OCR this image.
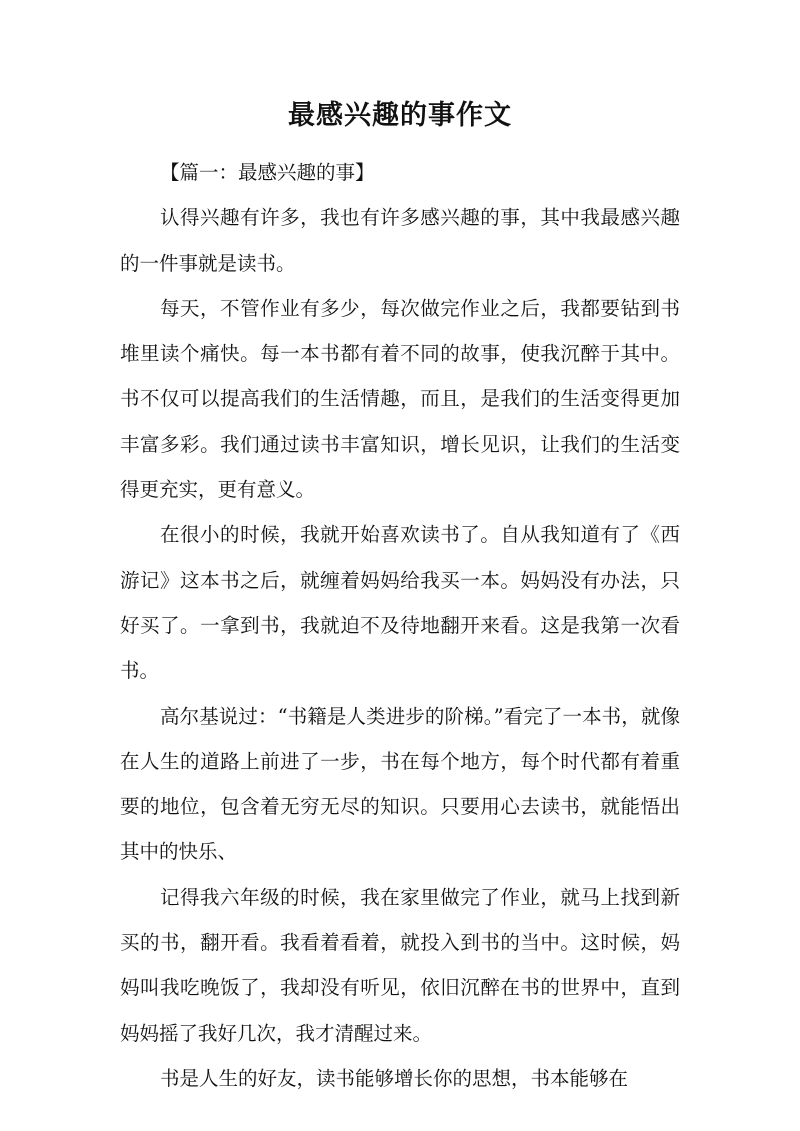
最感兴趣的事作文

【篇一：最感兴趣的事】

认得兴趣有许多，我也有许多感兴趣的事，其中我最感兴趣的一件事就是读书。

每天，不管作业有多少，每次做完作业之后，我都要钻到书堆里读个痛快。每一本书都有着不同的故事，使我沉醉于其中。书不仅可以提高我们的生活情趣，而且，是我们的生活变得更加丰富多彩。我们通过读书丰富知识，增长见识，让我们的生活变得更充实，更有意义。

在很小的时候，我就开始喜欢读书了。自从我知道有了《西游记》这本书之后，就缠着妈妈给我买一本。妈妈没有办法，只好买了。一拿到书，我就迫不及待地翻开来看。这是我第一次看书。

高尔基说过：“书籍是人类进步的阶梯。”看完了一本书，就像在人生的道路上前进了一步，书在每个地方，每个时代都有着重要的地位，包含着无穷无尽的知识。只要用心去读书，就能悟出其中的快乐、

记得我六年级的时候，我在家里做完了作业，就马上找到新买的书，翻开看。我看着看着，就投入到书的当中。这时候，妈妈叫我吃晚饭了，我却没有听见，依旧沉醉在书的世界中，直到妈妈摇了我好几次，我才清醒过来。

书是人生的好友，读书能够增长你的思想，书本能够在
